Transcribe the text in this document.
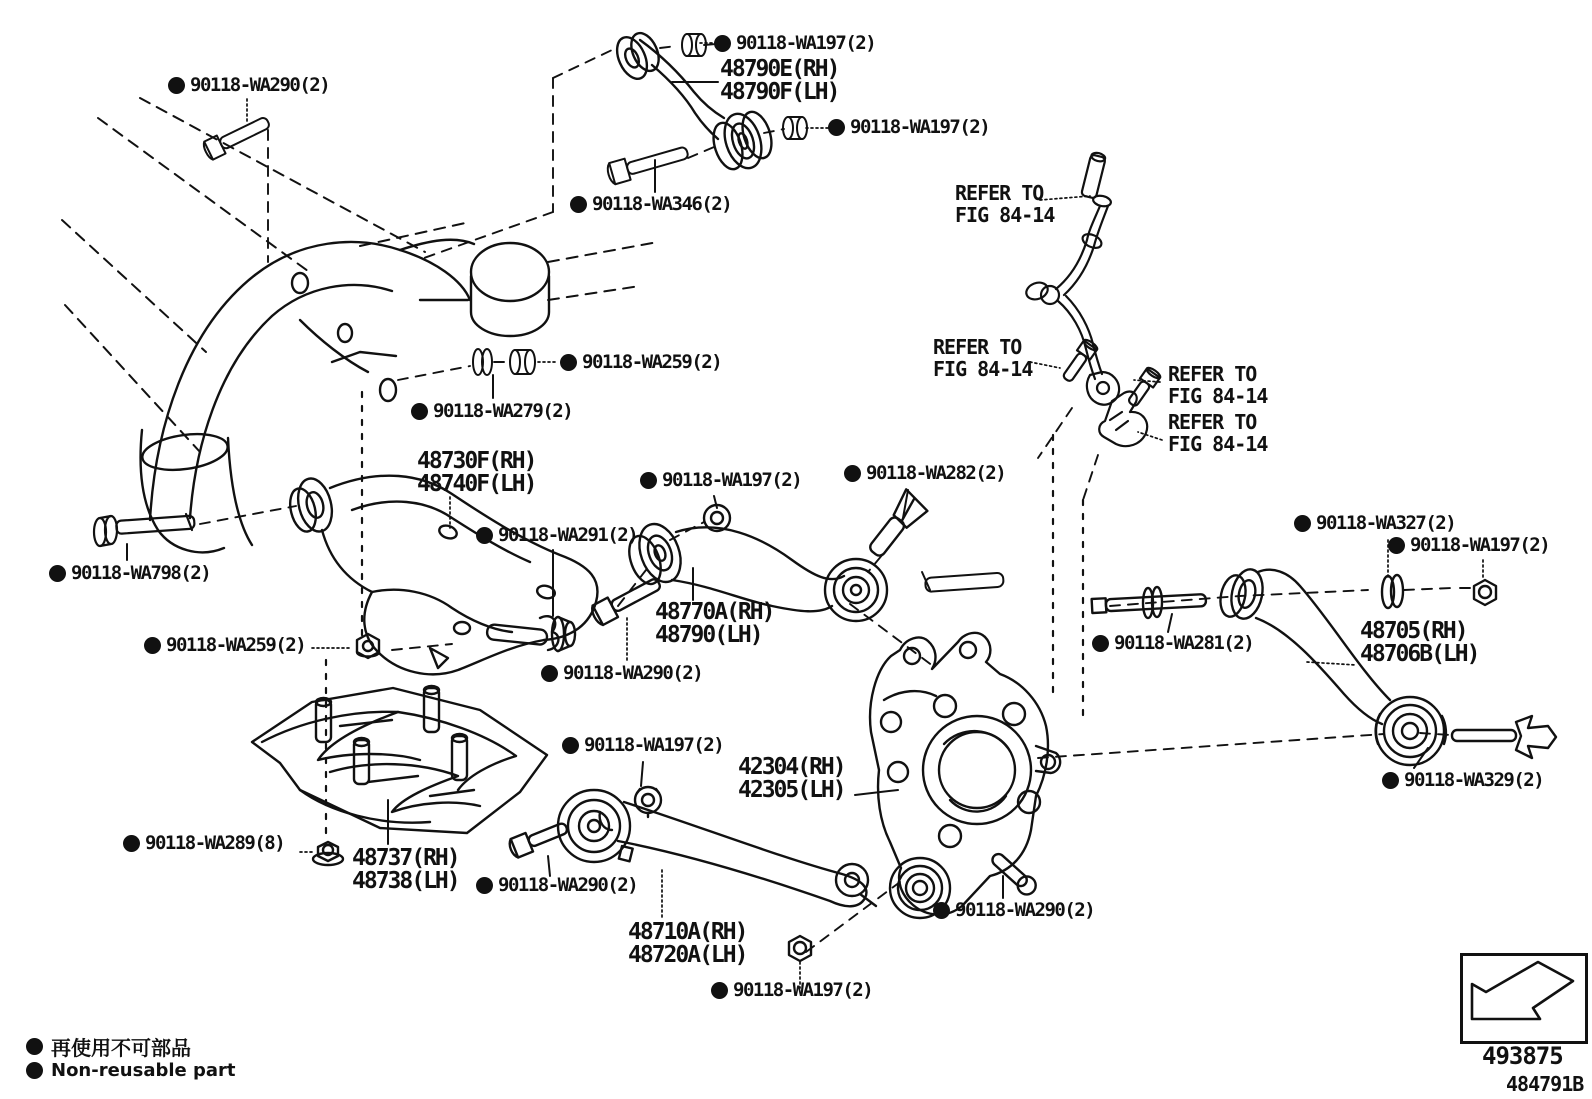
90118-WA197(2)
90118-WA197(2)
90118-WA290(2)
90118-WA346(2)
90118-WA259(2)
90118-WA279(2)
90118-WA197(2)	90118-WA282(2)
90118-WA291(2)
90118-WA798(2)
90118-WA327(2)
90118-WA197(2)
90118-WA259(2)
90118-WA290(2)
90118-WA281(2)
90118-WA197(2)
90118-WA289(8)
90118-WA290(2)
90118-WA197(2)
90118-WA290(2)
90118-WA329(2)
48790E(RH)
48790F(LH)
48730F(RH)
48740F(LH)
48770A(RH)
48790(LH)	48705(RH)
48706B(LH)
42304(RH)
42305(LH)
48737(RH)
48738(LH)
48710A(RH)
48720A(LH)
REFER TO
FIG 84-14
REFER TO
FIG 84-14	REFER TO
FIG 84-14
REFER TO
FIG 84-14
再使用不可部品
Non-reusable part
493875
484791B
